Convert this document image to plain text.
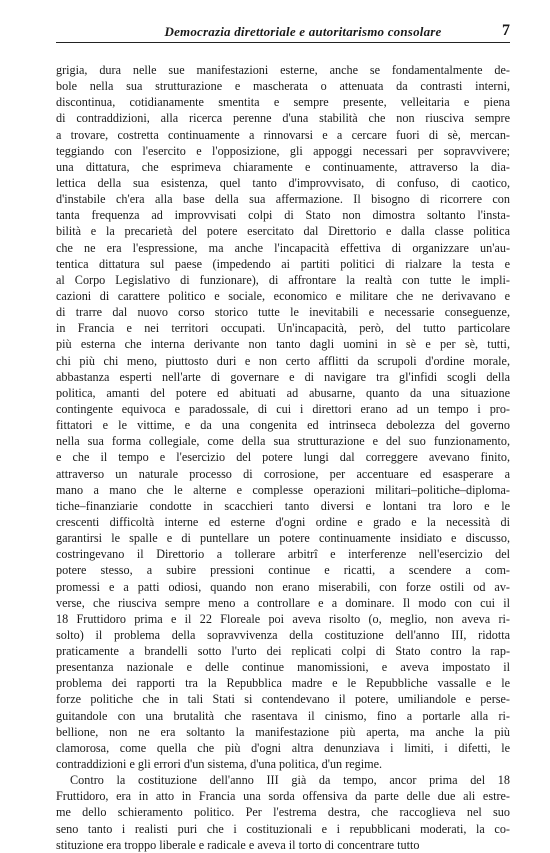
Democrazia direttoriale e autoritarismo consolare	7
grigia, dura nelle sue manifestazioni esterne, anche se fondamentalmente de-
bole nella sua strutturazione e mascherata o attenuata da contrasti interni,
discontinua, cotidianamente smentita e sempre presente, velleitaria e piena
di contraddizioni, alla ricerca perenne d'una stabilità che non riusciva sempre
a trovare, costretta continuamente a rinnovarsi e a cercare fuori di sè, mercan-
teggiando con l'esercito e l'opposizione, gli appoggi necessari per sopravvivere;
una dittatura, che esprimeva chiaramente e continuamente, attraverso la dia-
lettica della sua esistenza, quel tanto d'improvvisato, di confuso, di caotico,
d'instabile ch'era alla base della sua affermazione. Il bisogno di ricorrere con
tanta frequenza ad improvvisati colpi di Stato non dimostra soltanto l'insta-
bilità e la precarietà del potere esercitato dal Direttorio e dalla classe politica
che ne era l'espressione, ma anche l'incapacità effettiva di organizzare un'au-
tentica dittatura sul paese (impedendo ai partiti politici di rialzare la testa e
al Corpo Legislativo di funzionare), di affrontare la realtà con tutte le impli-
cazioni di carattere politico e sociale, economico e militare che ne derivavano e
di trarre dal nuovo corso storico tutte le inevitabili e necessarie conseguenze,
in Francia e nei territori occupati. Un'incapacità, però, del tutto particolare
più esterna che interna derivante non tanto dagli uomini in sè e per sè, tutti,
chi più chi meno, piuttosto duri e non certo afflitti da scrupoli d'ordine morale,
abbastanza esperti nell'arte di governare e di navigare tra gl'infidi scogli della
politica, amanti del potere ed abituati ad abusarne, quanto da una situazione
contingente equivoca e paradossale, di cui i direttori erano ad un tempo i pro-
fittatori e le vittime, e da una congenita ed intrinseca debolezza del governo
nella sua forma collegiale, come della sua strutturazione e del suo funzionamento,
e che il tempo e l'esercizio del potere lungi dal correggere avevano finito,
attraverso un naturale processo di corrosione, per accentuare ed esasperare a
mano a mano che le alterne e complesse operazioni militari–politiche–diploma-
tiche–finanziarie condotte in scacchieri tanto diversi e lontani tra loro e le
crescenti difficoltà interne ed esterne d'ogni ordine e grado e la necessità di
garantirsi le spalle e di puntellare un potere continuamente insidiato e discusso,
costringevano il Direttorio a tollerare arbitrî e interferenze nell'esercizio del
potere stesso, a subire pressioni continue e ricatti, a scendere a com-
promessi e a patti odiosi, quando non erano miserabili, con forze ostili od av-
verse, che riusciva sempre meno a controllare e a dominare. Il modo con cui il
18 Fruttidoro prima e il 22 Floreale poi aveva risolto (o, meglio, non aveva ri-
solto) il problema della sopravvivenza della costituzione dell'anno III, ridotta
praticamente a brandelli sotto l'urto dei replicati colpi di Stato contro la rap-
presentanza nazionale e delle continue manomissioni, e aveva impostato il
problema dei rapporti tra la Repubblica madre e le Repubbliche vassalle e le
forze politiche che in tali Stati si contendevano il potere, umiliandole e perse-
guitandole con una brutalità che rasentava il cinismo, fino a portarle alla ri-
bellione, non ne era soltanto la manifestazione più aperta, ma anche la più
clamorosa, come quella che più d'ogni altra denunziava i limiti, i difetti, le
contraddizioni e gli errori d'un sistema, d'una politica, d'un regime.
Contro la costituzione dell'anno III già da tempo, ancor prima del 18
Fruttidoro, era in atto in Francia una sorda offensiva da parte delle due ali estre-
me dello schieramento politico. Per l'estrema destra, che raccoglieva nel suo
seno tanto i realisti puri che i costituzionali e i repubblicani moderati, la co-
stituzione era troppo liberale e radicale e aveva il torto di concentrare tutto
